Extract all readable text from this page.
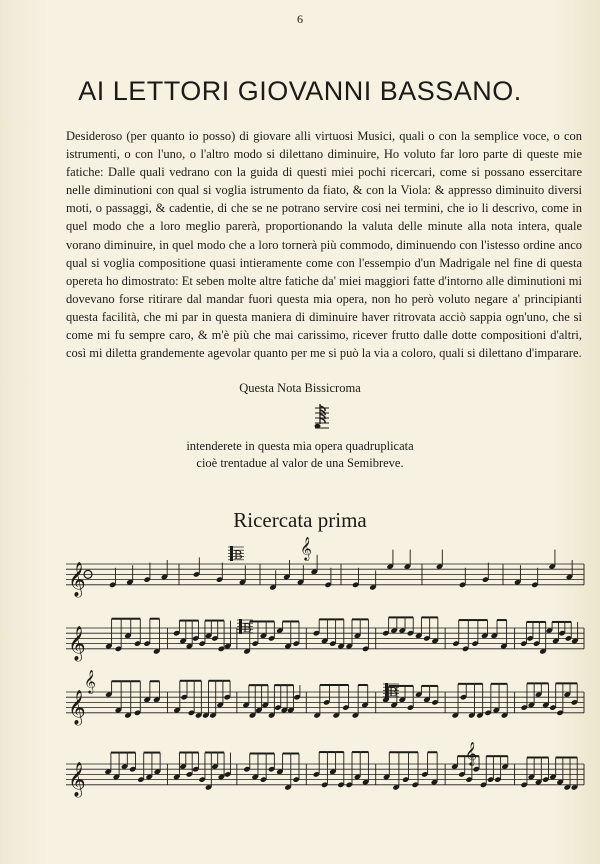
6
AI LETTORI GIOVANNI BASSANO.

Desideroso (per quanto io posso) di giovare alli virtuosi Musici, quali o con la semplice voce, o con istrumenti, o con l'uno, o l'altro modo si dilettano diminuire, Ho voluto far loro parte di queste mie fatiche: Dalle quali vedrano con la guida di questi miei pochi ricercari, come si possano essercitare nelle diminutioni con qual si voglia istrumento da fiato, & con la Viola: & appresso diminuito diversi moti, o passaggi, & cadentie, di che se ne potrano servire cosi nei termini, che io li descrivo, come in quel modo che a loro meglio parerà, proportionando la valuta delle minute alla nota intera, quale vorano diminuire, in quel modo che a loro tornerà più commodo, diminuendo con l'istesso ordine anco qual si voglia compositione quasi intieramente come con l'essempio d'un Madrigale nel fine di questa opereta ho dimostrato: Et seben molte altre fatiche da' miei maggiori fatte d'intorno alle diminutioni mi dovevano forse ritirare dal mandar fuori questa mia opera, non ho però voluto negare a' principianti questa facilità, che mi par in questa maniera di diminuire haver ritrovata acciò sappia ogn'uno, che si come mi fu sempre caro, & m'è più che mai carissimo, ricever frutto dalle dotte compositioni d'altri, così mi diletta grandemente agevolar quanto per me si può la via a coloro, quali si dilettano d'imparare.

Questa Nota Bissicroma
intenderete in questa mia opera quadruplicata
cioè trentadue al valor de una Semibreve.
Ricercata prima
𝄞
𝄞
𝄞
𝄞
B
B
B
𝄞
𝄞
𝄞
